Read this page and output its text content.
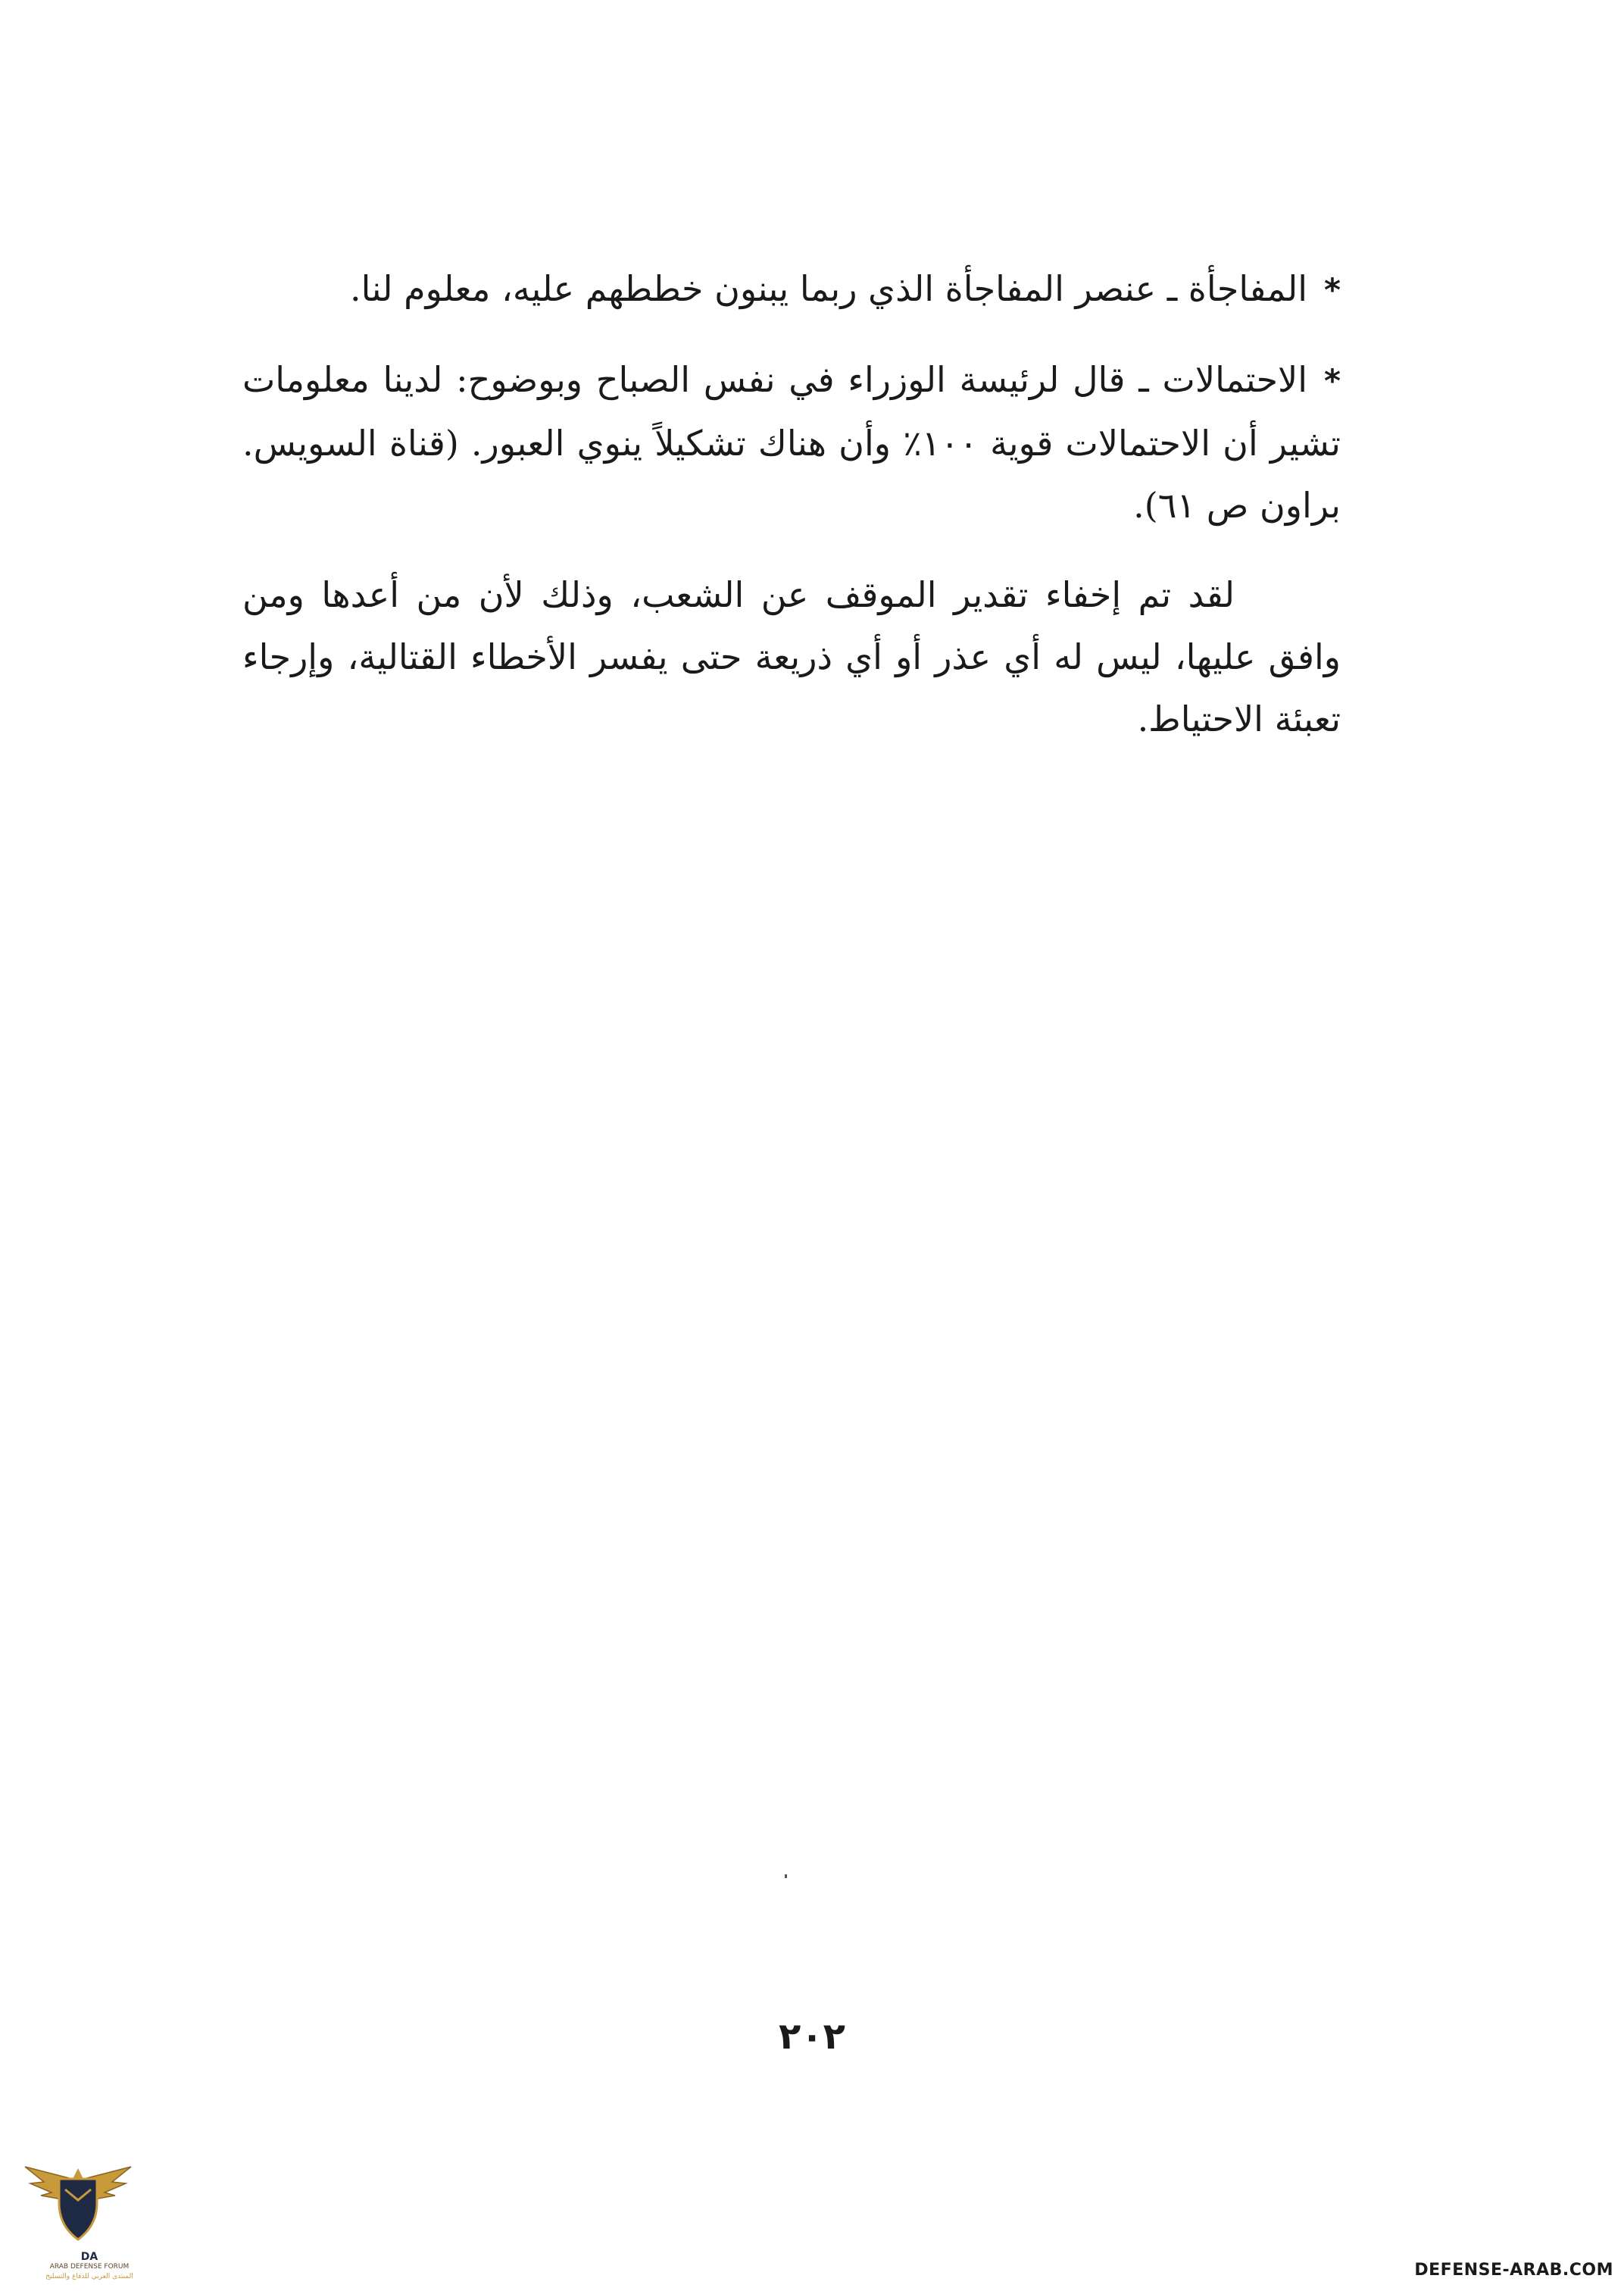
*المفاجأة ـ عنصر المفاجأة الذي ربما يبنون خططهم عليه، معلوم لنا.

*الاحتمالات ـ قال لرئيسة الوزراء في نفس الصباح وبوضوح: لدينا معلومات تشير أن الاحتمالات قوية ١٠٠٪ وأن هناك تشكيلاً ينوي العبور. (قناة السويس. براون ص ٦١).

لقد تم إخفاء تقدير الموقف عن الشعب، وذلك لأن من أعدها ومن وافق عليها، ليس له أي عذر أو أي ذريعة حتى يفسر الأخطاء القتالية، وإرجاء تعبئة الاحتياط.

٢٠٢
DA
ARAB DEFENSE FORUM
المنتدى العربي للدفاع والتسليح	DEFENSE-ARAB.COM
